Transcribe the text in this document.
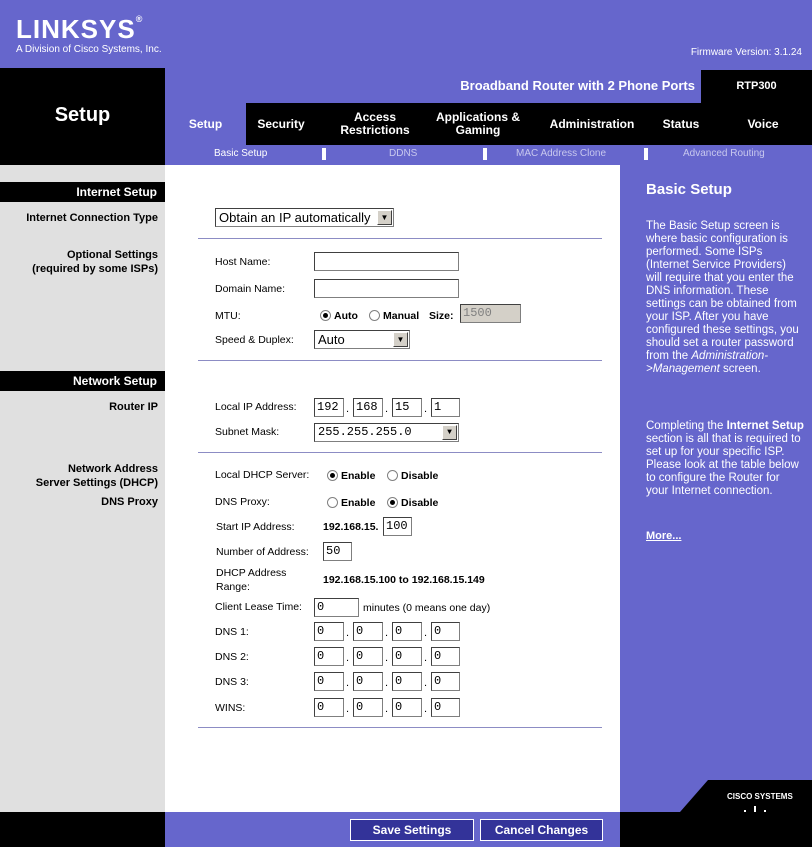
LINKSYS®
A Division of Cisco Systems, Inc.	Firmware Version: 3.1.24
Setup
Broadband Router with 2 Phone Ports	RTP300
Setup	Security	Access Restrictions
Applications & Gaming	Administration	Status	Voice
Basic Setup	DDNS	MAC Address Clone	Advanced Routing
Internet Setup
Internet Connection Type
Optional Settings
(required by some ISPs)
Network Setup
Router IP
Network Address
Server Settings (DHCP)
DNS Proxy
Obtain an IP automatically	▼
Host Name:
Domain Name:
MTU:	Auto Manual Size: 1500
Speed & Duplex:	Auto	▼
Local IP Address: 192 . 168 . 15	. 1
Subnet Mask:	255.255.255.0	▼
Local DHCP Server:	Enable Disable
DNS Proxy:	Enable Disable
Start IP Address:	192.168.15. 100
Number of Address: 50
DHCP Address
Range:
192.168.15.100 to 192.168.15.149
Client Lease Time: 0	minutes (0 means one day)
DNS 1:	0	. 0	. 0	. 0
DNS 2:	0	. 0	. 0	. 0
DNS 3:	0	. 0	. 0	. 0
WINS:	0	. 0	. 0	. 0
Basic Setup
The Basic Setup screen is where basic configuration is performed. Some ISPs (Internet Service Providers) will require that you enter the DNS information. These settings can be obtained from your ISP. After you have configured these settings, you should set a router password from the Administration->Management screen.
Completing the Internet Setup section is all that is required to set up for your specific ISP. Please look at the table below to configure the Router for your Internet connection.
More...
CISCO SYSTEMS
Save Settings	Cancel Changes
